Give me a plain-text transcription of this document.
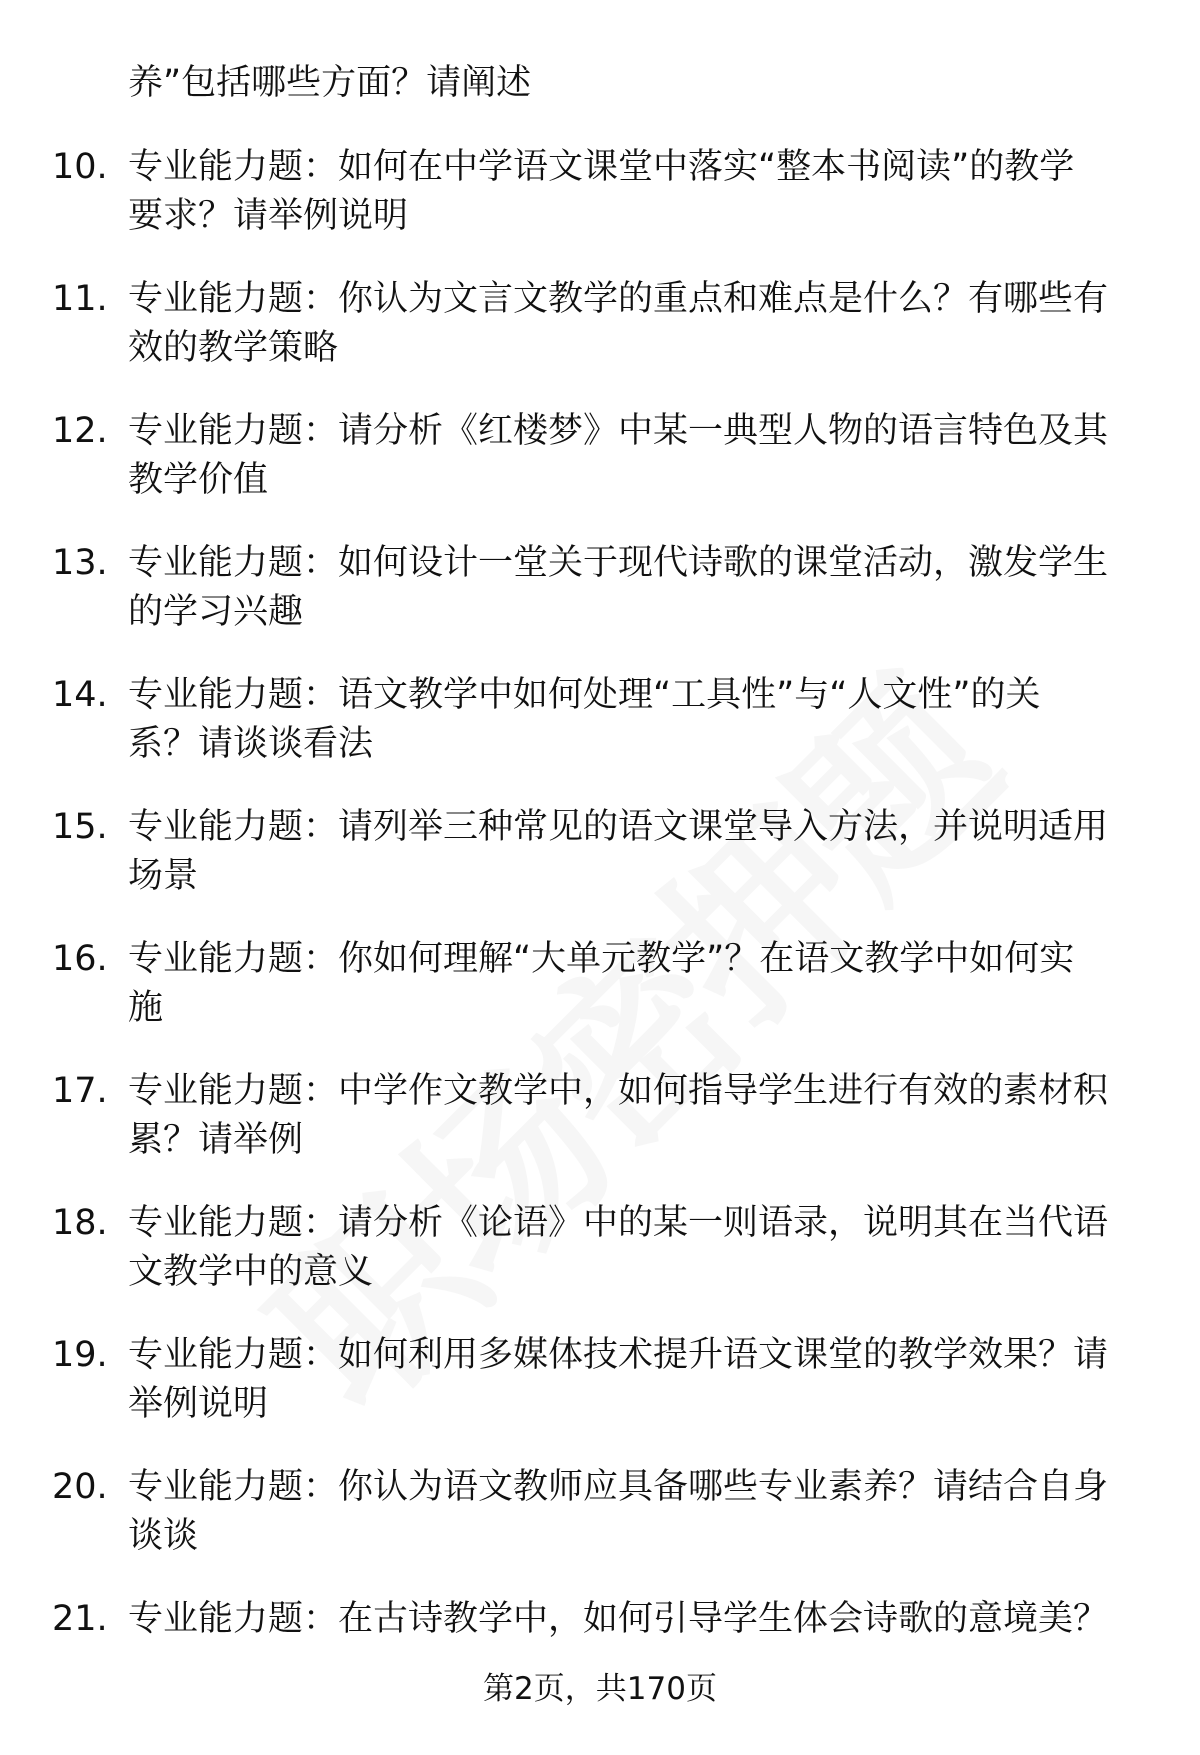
养”包括哪些方面？请阐述
10. 专业能力题：如何在中学语文课堂中落实“整本书阅读”的教学
要求？请举例说明
11. 专业能力题：你认为文言文教学的重点和难点是什么？有哪些有
效的教学策略
12. 专业能力题：请分析《红楼梦》中某一典型人物的语言特色及其
教学价值
13. 专业能力题：如何设计一堂关于现代诗歌的课堂活动，激发学生
的学习兴趣
14. 专业能力题：语文教学中如何处理“工具性”与“人文性”的关
系？请谈谈看法
15. 专业能力题：请列举三种常见的语文课堂导入方法，并说明适用
场景
16. 专业能力题：你如何理解“大单元教学”？在语文教学中如何实
施
17. 专业能力题：中学作文教学中，如何指导学生进行有效的素材积
累？请举例
18. 专业能力题：请分析《论语》中的某一则语录，说明其在当代语
文教学中的意义
19. 专业能力题：如何利用多媒体技术提升语文课堂的教学效果？请
举例说明
20. 专业能力题：你认为语文教师应具备哪些专业素养？请结合自身
谈谈
21. 专业能力题：在古诗教学中，如何引导学生体会诗歌的意境美？
第2页，共170页
